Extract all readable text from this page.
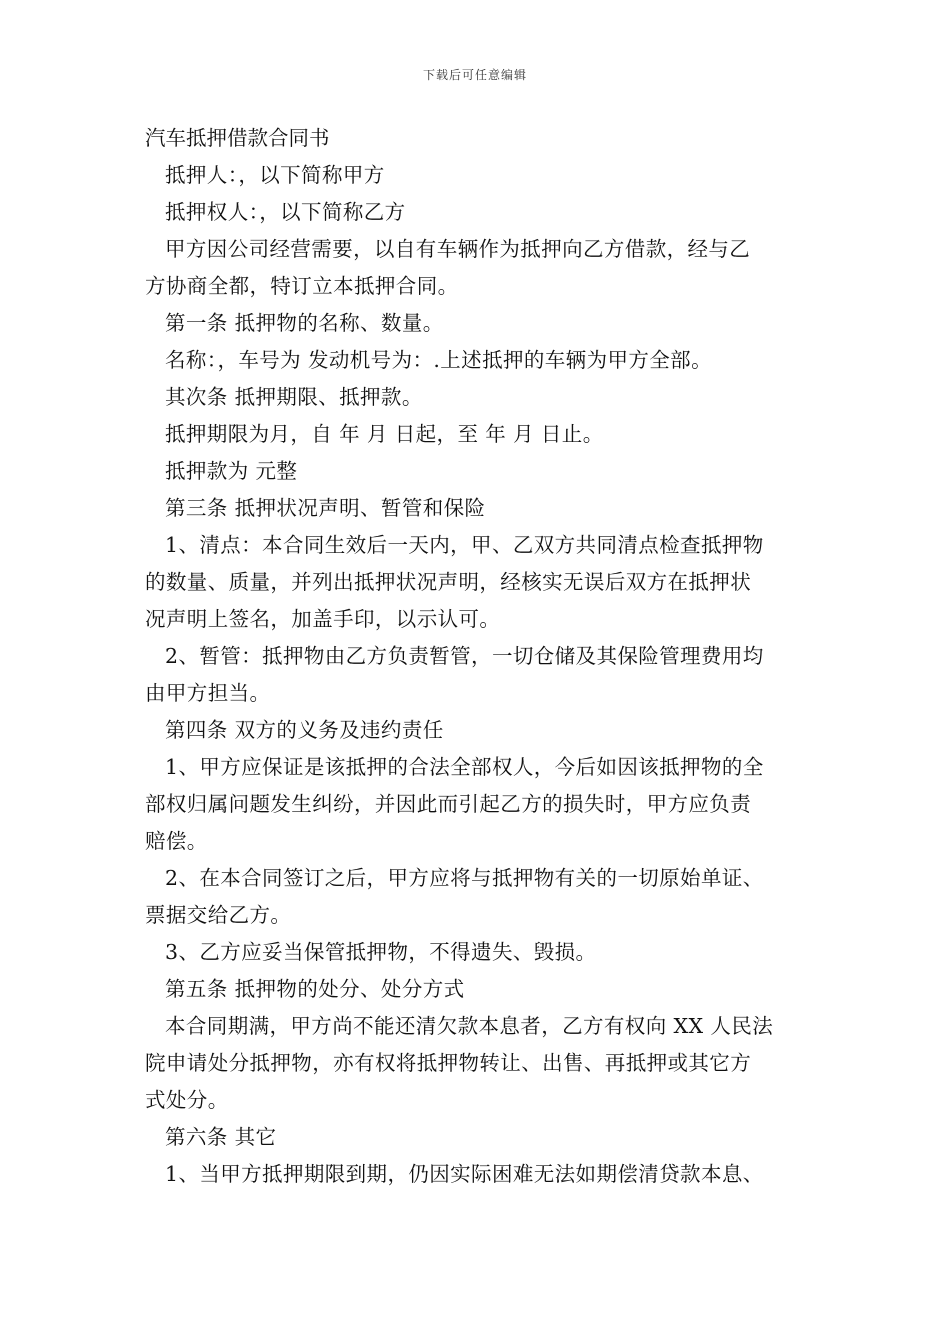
下载后可任意编辑
汽车抵押借款合同书
抵押人：，以下简称甲方
抵押权人：，以下简称乙方
甲方因公司经营需要，以自有车辆作为抵押向乙方借款，经与乙
方协商全都，特订立本抵押合同。
第一条 抵押物的名称、数量。
名称：，车号为 发动机号为：.上述抵押的车辆为甲方全部。
其次条 抵押期限、抵押款。
抵押期限为月，自 年 月 日起，至 年 月 日止。
抵押款为 元整
第三条 抵押状况声明、暂管和保险
1、清点：本合同生效后一天内，甲、乙双方共同清点检查抵押物
的数量、质量，并列出抵押状况声明，经核实无误后双方在抵押状
况声明上签名，加盖手印，以示认可。
2、暂管：抵押物由乙方负责暂管，一切仓储及其保险管理费用均
由甲方担当。
第四条 双方的义务及违约责任
1、甲方应保证是该抵押的合法全部权人，今后如因该抵押物的全
部权归属问题发生纠纷，并因此而引起乙方的损失时，甲方应负责
赔偿。
2、在本合同签订之后，甲方应将与抵押物有关的一切原始单证、
票据交给乙方。
3、乙方应妥当保管抵押物，不得遗失、毁损。
第五条 抵押物的处分、处分方式
本合同期满，甲方尚不能还清欠款本息者，乙方有权向 XX 人民法
院申请处分抵押物，亦有权将抵押物转让、出售、再抵押或其它方
式处分。
第六条 其它
1、当甲方抵押期限到期，仍因实际困难无法如期偿清贷款本息、
